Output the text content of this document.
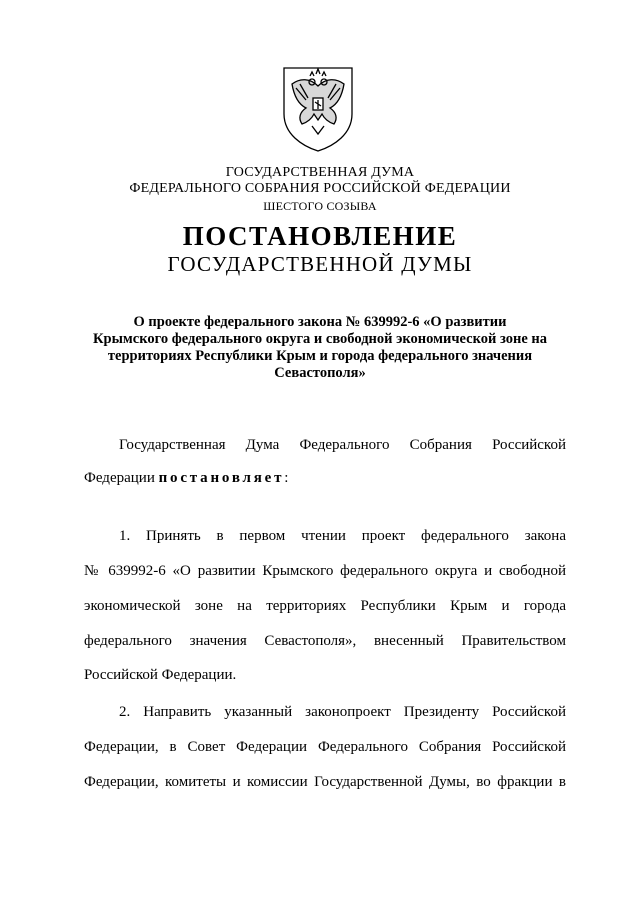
ГОСУДАРСТВЕННАЯ ДУМА
ФЕДЕРАЛЬНОГО СОБРАНИЯ РОССИЙСКОЙ ФЕДЕРАЦИИ
ШЕСТОГО СОЗЫВА
ПОСТАНОВЛЕНИЕ
ГОСУДАРСТВЕННОЙ ДУМЫ
О проекте федерального закона № 639992-6 «О развитии
Крымского федерального округа и свободной экономической зоне на
территориях Республики Крым и города федерального значения
Севастополя»
Государственная Дума Федерального Собрания Российской
Федерации постановляет:
1. Принять в первом чтении проект федерального закона
№ 639992-6 «О развитии Крымского федерального округа и свободной
экономической зоне на территориях Республики Крым и города
федерального значения Севастополя», внесенный Правительством
Российской Федерации.
2. Направить указанный законопроект Президенту Российской
Федерации, в Совет Федерации Федерального Собрания Российской
Федерации, комитеты и комиссии Государственной Думы, во фракции в
